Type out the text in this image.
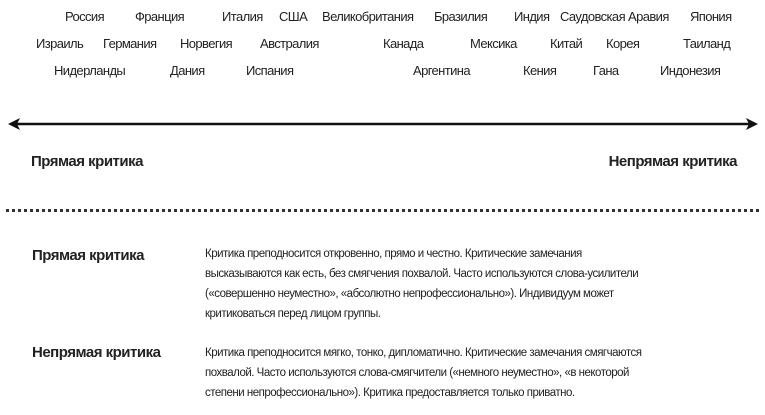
Россия Франция	Италия США Великобритания Бразилия Индия Саудовская Аравия Япония
Израиль Германия Норвегия Австралия	Канада	Мексика	Китай Корея	Таиланд
Нидерланды	Дания	Испания	Аргентина	Кения	Гана	Индонезия
Прямая критика	Непрямая критика
Прямая критика	Критика преподносится откровенно, прямо и честно. Критические замечания
высказываются как есть, без смягчения похвалой. Часто используются слова-усилители
(«совершенно неуместно», «абсолютно непрофессионально»). Индивидуум может
критиковаться перед лицом группы.
Непрямая критика	Критика преподносится мягко, тонко, дипломатично. Критические замечания смягчаются
похвалой. Часто используются слова-смягчители («немного неуместно», «в некоторой
степени непрофессионально»). Критика предоставляется только приватно.
